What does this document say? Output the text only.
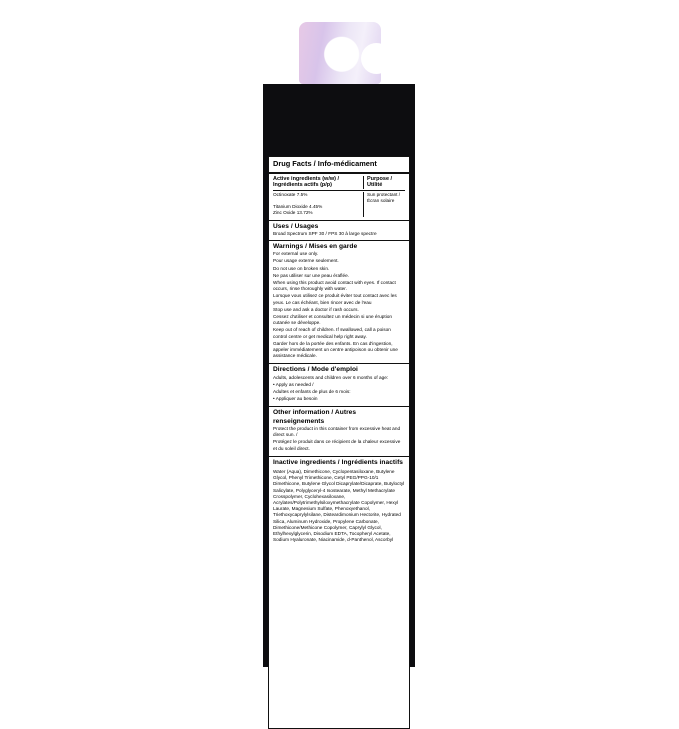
Drug Facts / Info-médicament
Active ingredients (w/w) / Ingrédients actifs (p/p)
Purpose / Utilité
Octinoxate 7.5%	Sun protectant / Écran solaire
Titanium Dioxide 4.45%
Zinc Oxide 13.72%
Uses / Usages
Broad Spectrum SPF 30 / FPS 30 à large spectre
Warnings / Mises en garde

For external use only.

Pour usage externe seulement.

Do not use on broken skin.

Ne pas utiliser sur une peau éraflée.

When using this product avoid contact with eyes. If contact occurs, rinse thoroughly with water.

Lorsque vous utilisez ce produit éviter tout contact avec les yeux. Le cas échéant, bien rincer avec de l'eau

Stop use and ask a doctor if rash occurs.

Cessez d'utiliser et consultez un médecin si une éruption cutanée se développe.

Keep out of reach of children. If swallowed, call a poison control centre or get medical help right away.

Garder hors de la portée des enfants. En cas d'ingestion, appeler immédiatement un centre antipoison ou obtenir une assistance médicale.

Directions / Mode d'emploi

Adults, adolescents and children over 6 months of age:

• Apply as needed /

Adultes et enfants de plus de 6 mois:

• Appliquer au besoin

Other information / Autres renseignements

Protect the product in this container from excessive heat and direct sun. /

Protégez le produit dans ce récipient de la chaleur excessive et du soleil direct.

Inactive ingredients / Ingrédients inactifs
Water (Aqua), Dimethicone, Cyclopentasiloxane, Butylene Glycol, Phenyl Trimethicone, Cetyl PEG/PPG-10/1 Dimethicone, Butylene Glycol Dicaprylate/Dicaprate, Butyloctyl Salicylate, Polyglyceryl-4 Isostearate, Methyl Methacrylate Crosspolymer, Cyclohexasiloxane, Acrylates/Polytrimethylsiloxymethacrylate Copolymer, Hexyl Laurate, Magnesium Sulfate, Phenoxyethanol, Triethoxycaprylylsilane, Disteardimonium Hectorite, Hydrated Silica, Aluminum Hydroxide, Propylene Carbonate, Dimethicone/Methicone Copolymer, Caprylyl Glycol, Ethylhexylglycerin, Disodium EDTA, Tocopheryl Acetate, Sodium Hyaluronate, Niacinamide, d-Panthenol, Ascorbyl
